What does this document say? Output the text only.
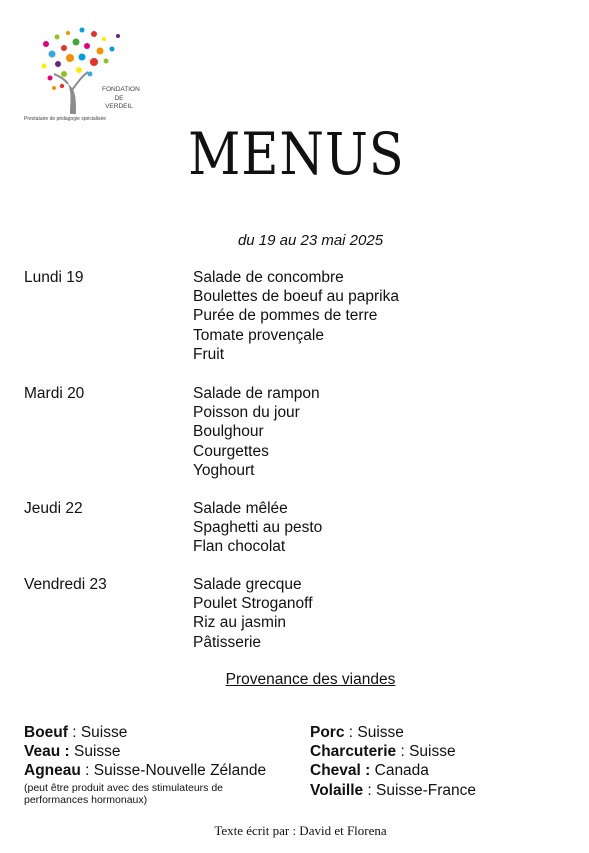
FONDATION
DE
VERDEIL
Prestataire de pédagogie spécialisée
MENUS
du 19 au 23 mai 2025
Lundi 19	Salade de concombre
Boulettes de boeuf au paprika
Purée de pommes de terre
Tomate provençale
Fruit
Mardi 20	Salade de rampon
Poisson du jour
Boulghour
Courgettes
Yoghourt
Jeudi 22	Salade mêlée
Spaghetti au pesto
Flan chocolat
Vendredi 23	Salade grecque
Poulet Stroganoff
Riz au jasmin
Pâtisserie
Provenance des viandes
Boeuf : Suisse
Veau : Suisse
Agneau : Suisse-Nouvelle Zélande
(peut être produit avec des stimulateurs de
performances hormonaux)
Porc : Suisse
Charcuterie : Suisse
Cheval : Canada
Volaille : Suisse-France
Texte écrit par : David et Florena
